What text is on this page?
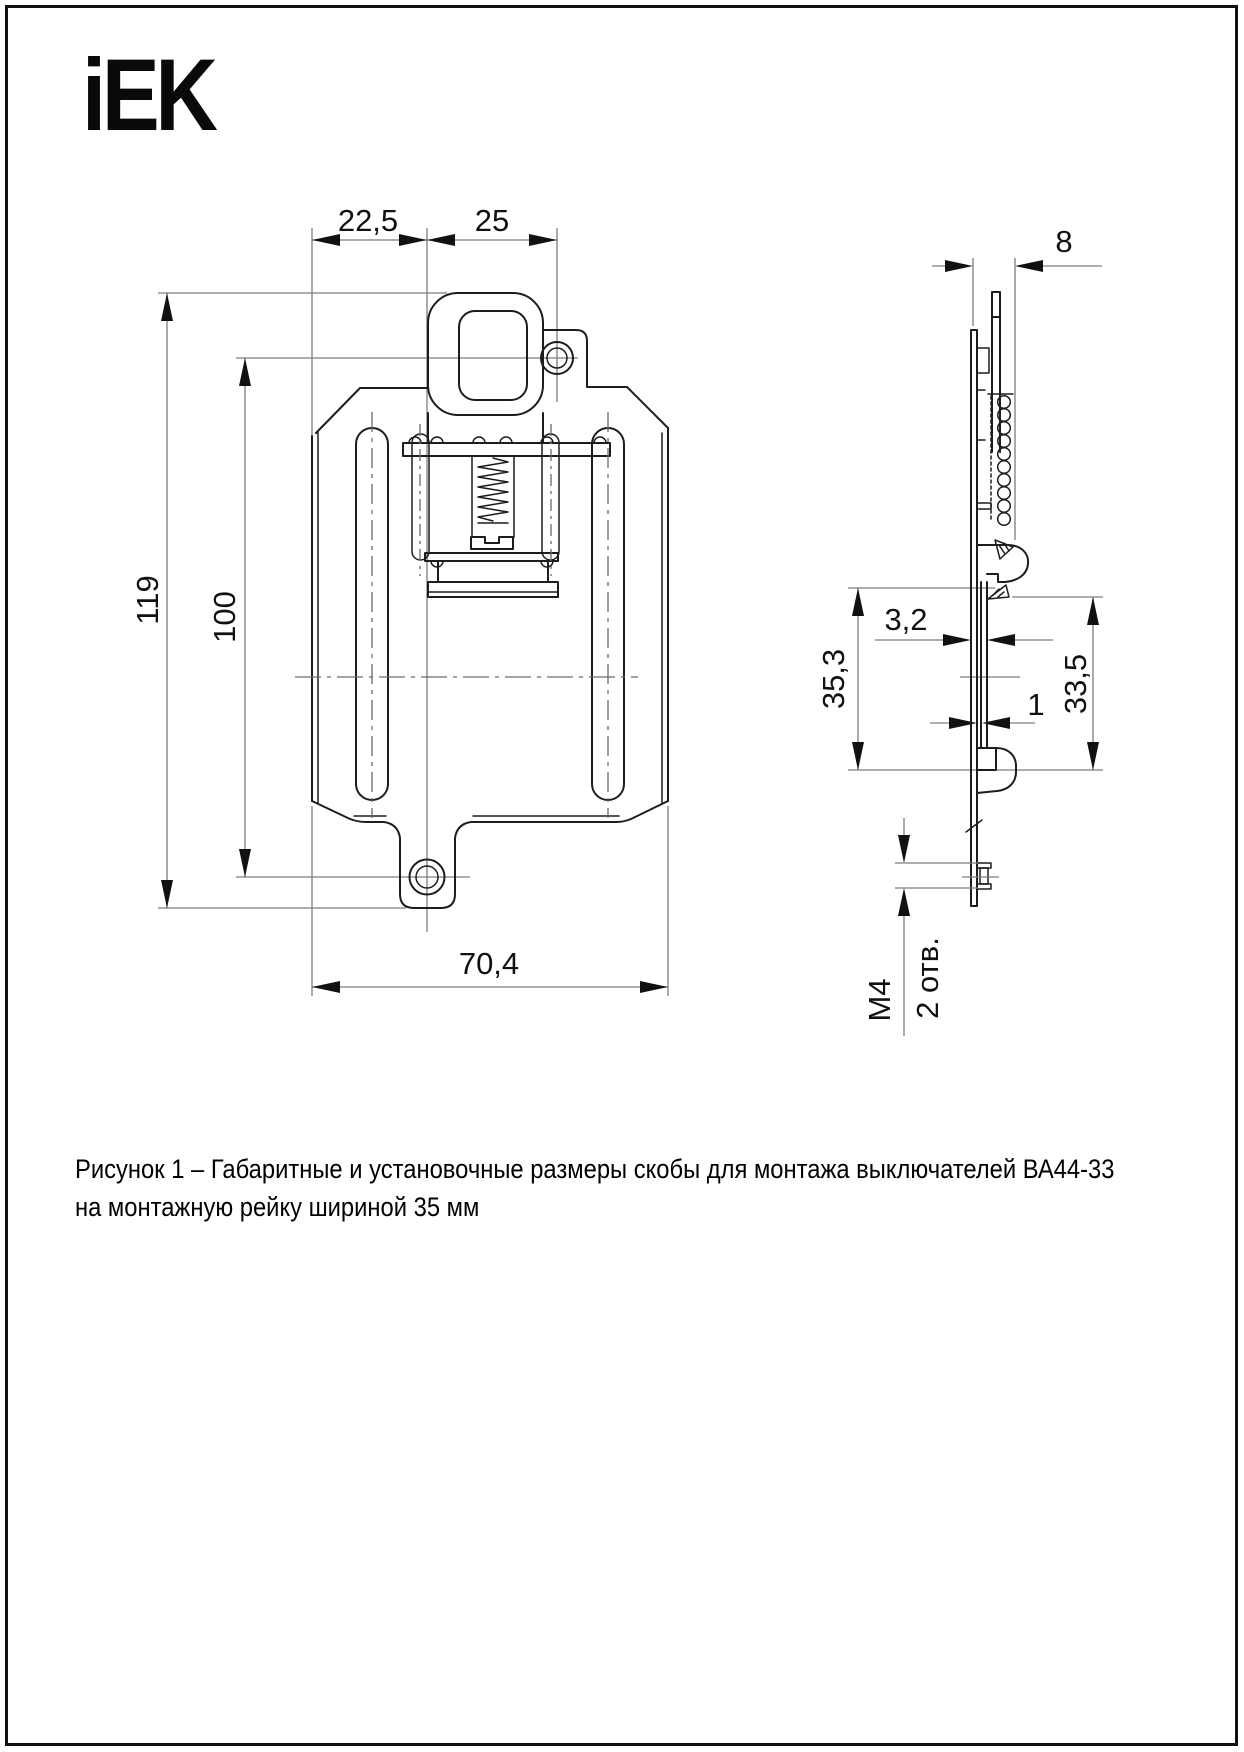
iEK
22,5 25
119 100
70,4
8
3,2
1
35,3	33,5
M4 2 отв.
Рисунок 1 – Габаритные и установочные размеры скобы для монтажа выключателей ВА44-33
на монтажную рейку шириной 35 мм
